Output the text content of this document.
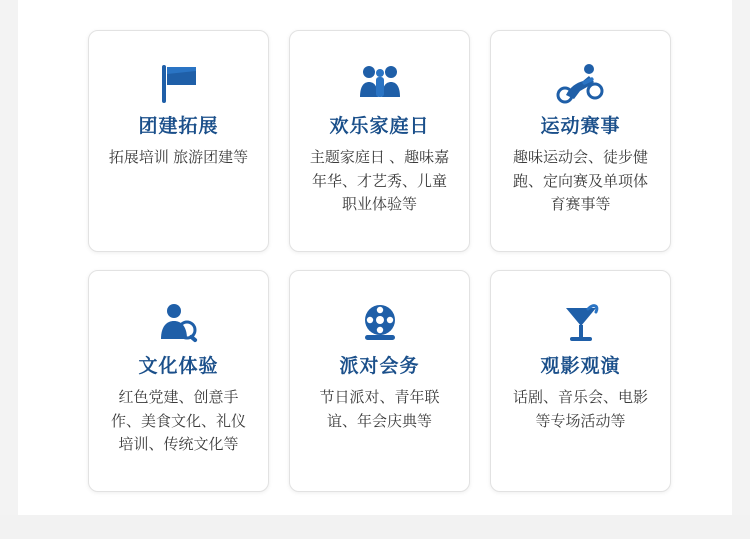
团建拓展
拓展培训 旅游团建等
欢乐家庭日
主题家庭日 、趣味嘉年华、才艺秀、儿童职业体验等
运动赛事
趣味运动会、徒步健跑、定向赛及单项体育赛事等
文化体验
红色党建、创意手作、美食文化、礼仪培训、传统文化等
派对会务
节日派对、青年联谊、年会庆典等
观影观演
话剧、音乐会、电影等专场活动等
